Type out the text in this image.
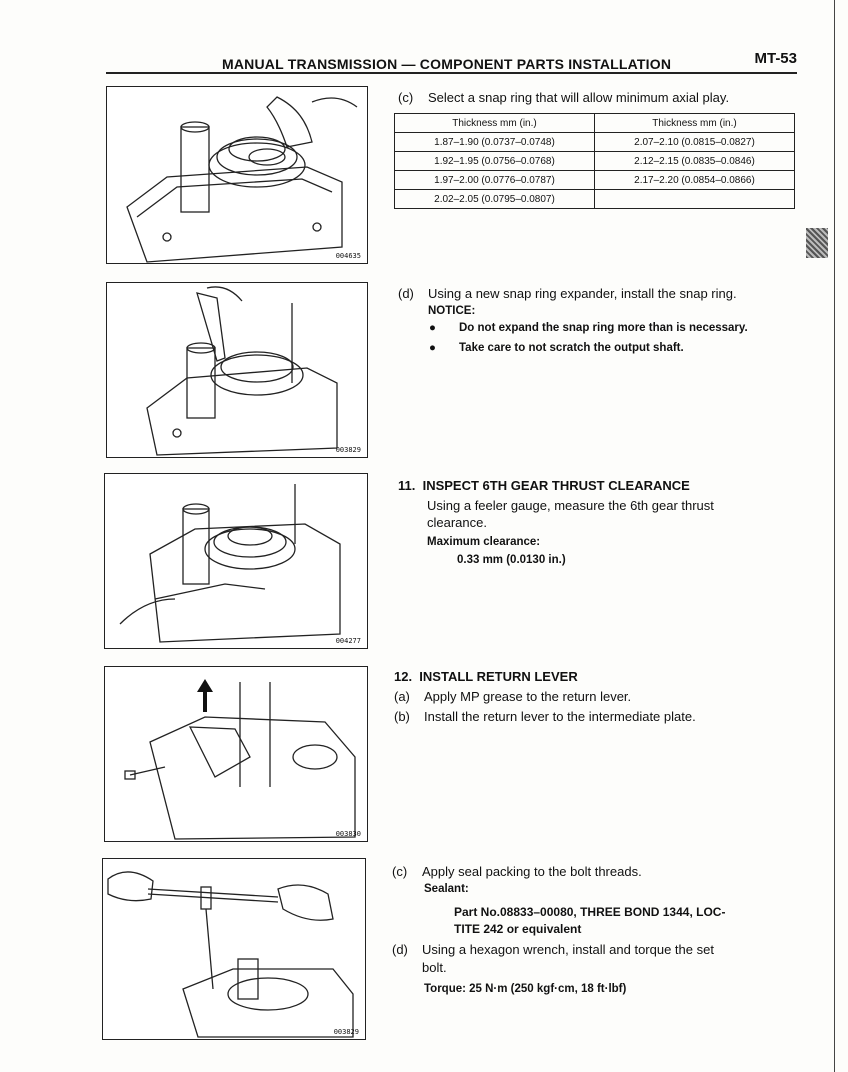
MANUAL TRANSMISSION — COMPONENT PARTS INSTALLATION	MT-53
004635
003829
004277
003830
003829
(c) Select a snap ring that will allow minimum axial play.
Thickness mm (in.)	Thickness mm (in.)
1.87–1.90 (0.0737–0.0748)	2.07–2.10 (0.0815–0.0827)
1.92–1.95 (0.0756–0.0768)	2.12–2.15 (0.0835–0.0846)
1.97–2.00 (0.0776–0.0787)	2.17–2.20 (0.0854–0.0866)
2.02–2.05 (0.0795–0.0807)	
(d) Using a new snap ring expander, install the snap ring.
NOTICE:
● Do not expand the snap ring more than is necessary.
● Take care to not scratch the output shaft.
11.  INSPECT 6TH GEAR THRUST CLEARANCE
Using a feeler gauge, measure the 6th gear thrust
clearance.
Maximum clearance:
0.33 mm (0.0130 in.)
12.  INSTALL RETURN LEVER
(a) Apply MP grease to the return lever.
(b) Install the return lever to the intermediate plate.
(c) Apply seal packing to the bolt threads.
Sealant:
Part No.08833–00080, THREE BOND 1344, LOC-
TITE 242 or equivalent
(d) Using a hexagon wrench, install and torque the set
bolt.
Torque: 25 N·m (250 kgf·cm, 18 ft·lbf)
